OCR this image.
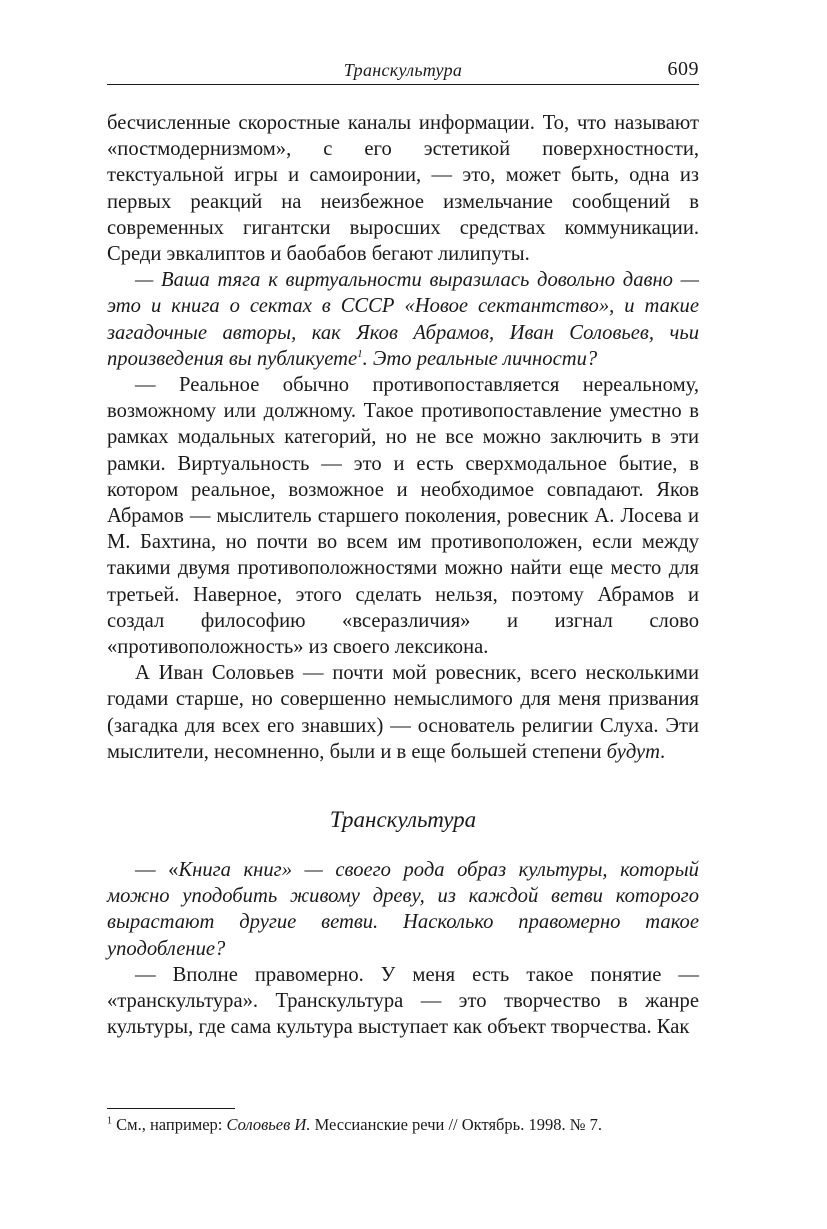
Транскультура	609

бесчисленные скоростные каналы информации. То, что называют «постмодернизмом», с его эстетикой поверхностности, текстуальной игры и самоиронии, — это, может быть, одна из первых реакций на неизбежное измельчание сообщений в современных гигантски выросших средствах коммуникации. Среди эвкалиптов и баобабов бегают лилипуты.

— Ваша тяга к виртуальности выразилась довольно давно — это и книга о сектах в СССР «Новое сектантство», и такие загадочные авторы, как Яков Абрамов, Иван Соловьев, чьи произведения вы публикуете$^1$. Это реальные личности?

— Реальное обычно противопоставляется нереальному, возможному или должному. Такое противопоставление уместно в рамках модальных категорий, но не все можно заключить в эти рамки. Виртуальность — это и есть сверхмодальное бытие, в котором реальное, возможное и необходимое совпадают. Яков Абрамов — мыслитель старшего поколения, ровесник А. Лосева и М. Бахтина, но почти во всем им противоположен, если между такими двумя противоположностями можно найти еще место для третьей. Наверное, этого сделать нельзя, поэтому Абрамов и создал философию «всеразличия» и изгнал слово «противоположность» из своего лексикона.

А Иван Соловьев — почти мой ровесник, всего несколькими годами старше, но совершенно немыслимого для меня призвания (загадка для всех его знавших) — основатель религии Слуха. Эти мыслители, несомненно, были и в еще большей степени будут.

Транскультура

— «Книга книг» — своего рода образ культуры, который можно уподобить живому древу, из каждой ветви которого вырастают другие ветви. Насколько правомерно такое уподобление?

— Вполне правомерно. У меня есть такое понятие — «транскультура». Транскультура — это творчество в жанре культуры, где сама культура выступает как объект творчества. Как

$^1$ См., например: Соловьев И. Мессианские речи // Октябрь. 1998. № 7.
